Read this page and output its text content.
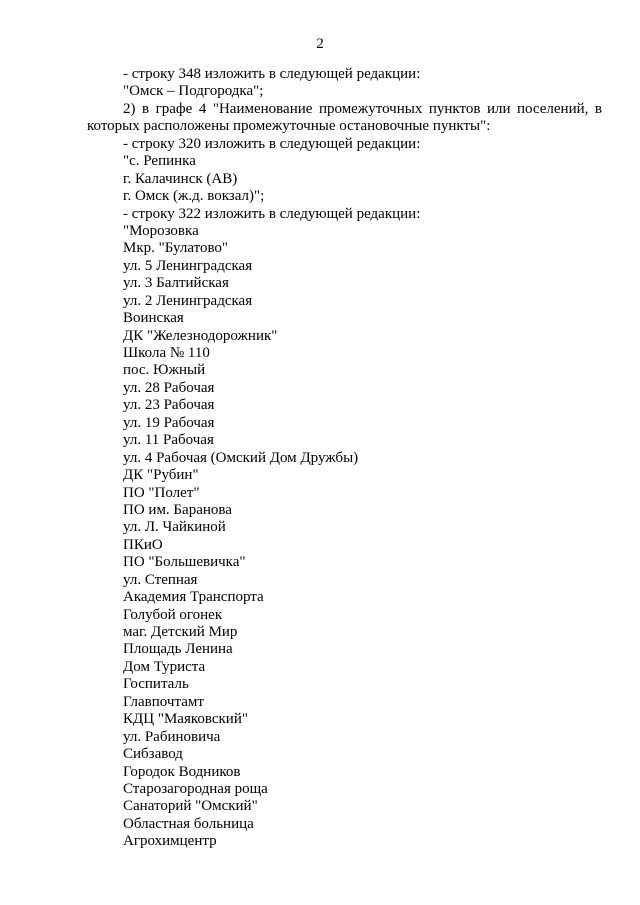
2
- строку 348 изложить в следующей редакции:
"Омск – Подгородка";
2) в графе 4 "Наименование промежуточных пунктов или поселений, в
которых расположены промежуточные остановочные пункты":
- строку 320 изложить в следующей редакции:
"с. Репинка
г. Калачинск (АВ)
г. Омск (ж.д. вокзал)";
- строку 322 изложить в следующей редакции:
"Морозовка
Мкр. "Булатово"
ул. 5 Ленинградская
ул. 3 Балтийская
ул. 2 Ленинградская
Воинская
ДК "Железнодорожник"
Школа № 110
пос. Южный
ул. 28 Рабочая
ул. 23 Рабочая
ул. 19 Рабочая
ул. 11 Рабочая
ул. 4 Рабочая (Омский Дом Дружбы)
ДК "Рубин"
ПО "Полет"
ПО им. Баранова
ул. Л. Чайкиной
ПКиО
ПО "Большевичка"
ул. Степная
Академия Транспорта
Голубой огонек
маг. Детский Мир
Площадь Ленина
Дом Туриста
Госпиталь
Главпочтамт
КДЦ "Маяковский"
ул. Рабиновича
Сибзавод
Городок Водников
Старозагородная роща
Санаторий "Омский"
Областная больница
Агрохимцентр
